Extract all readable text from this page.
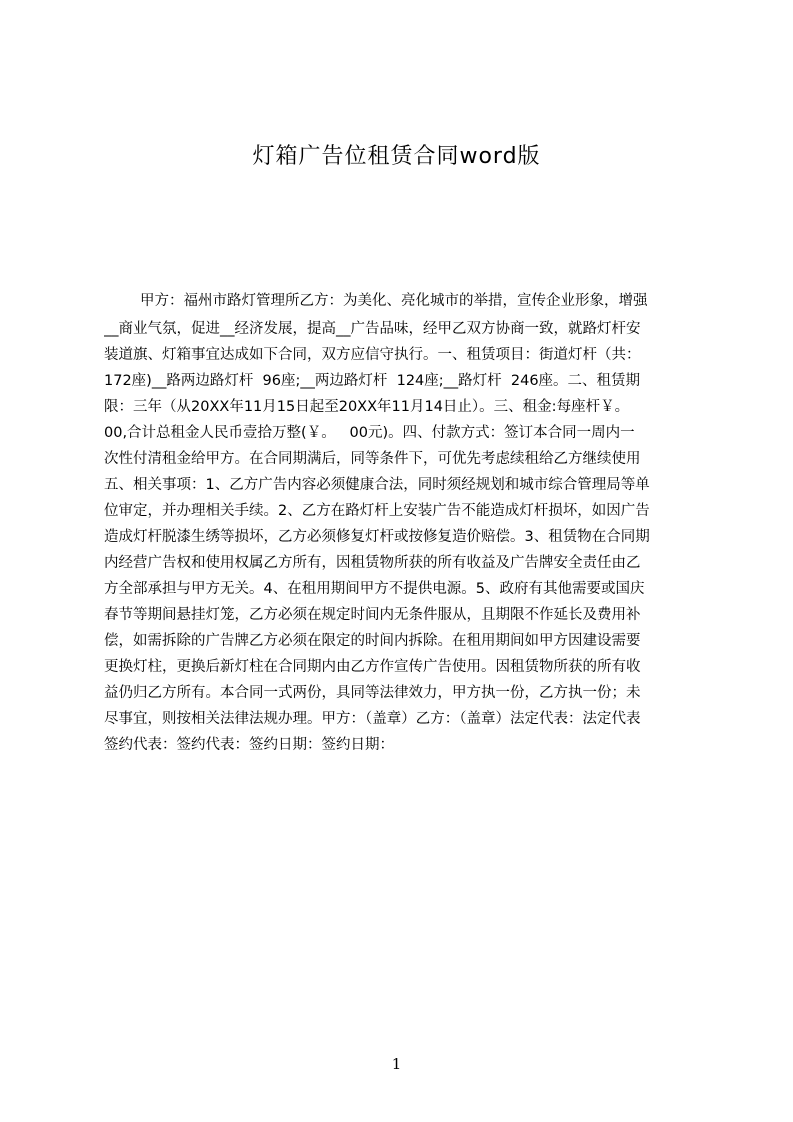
灯箱广告位租赁合同word版

甲方：福州市路灯管理所乙方：为美化、亮化城市的举措，宣传企业形象，增强

__商业气氛，促进__经济发展，提高__广告品味，经甲乙双方协商一致，就路灯杆安

装道旗、灯箱事宜达成如下合同，双方应信守执行。一、租赁项目：街道灯杆（共：

172座)__路两边路灯杆  96座;__两边路灯杆  124座;__路灯杆  246座。二、租赁期

限：三年（从20XX年11月15日起至20XX年11月14日止）。三、租金:每座杆￥。

00,合计总租金人民币壹拾万整(￥。   00元)。四、付款方式：签订本合同一周内一

次性付清租金给甲方。在合同期满后，同等条件下，可优先考虑续租给乙方继续使用

五、相关事项：1、乙方广告内容必须健康合法，同时须经规划和城市综合管理局等单

位审定，并办理相关手续。2、乙方在路灯杆上安装广告不能造成灯杆损坏，如因广告

造成灯杆脱漆生绣等损坏，乙方必须修复灯杆或按修复造价赔偿。3、租赁物在合同期

内经营广告权和使用权属乙方所有，因租赁物所获的所有收益及广告牌安全责任由乙

方全部承担与甲方无关。4、在租用期间甲方不提供电源。5、政府有其他需要或国庆

春节等期间悬挂灯笼，乙方必须在规定时间内无条件服从，且期限不作延长及费用补

偿，如需拆除的广告牌乙方必须在限定的时间内拆除。在租用期间如甲方因建设需要

更换灯柱，更换后新灯柱在合同期内由乙方作宣传广告使用。因租赁物所获的所有收

益仍归乙方所有。本合同一式两份，具同等法律效力，甲方执一份，乙方执一份；未

尽事宜，则按相关法律法规办理。甲方：（盖章）乙方：（盖章）法定代表：法定代表

签约代表：签约代表：签约日期：签约日期：

1
